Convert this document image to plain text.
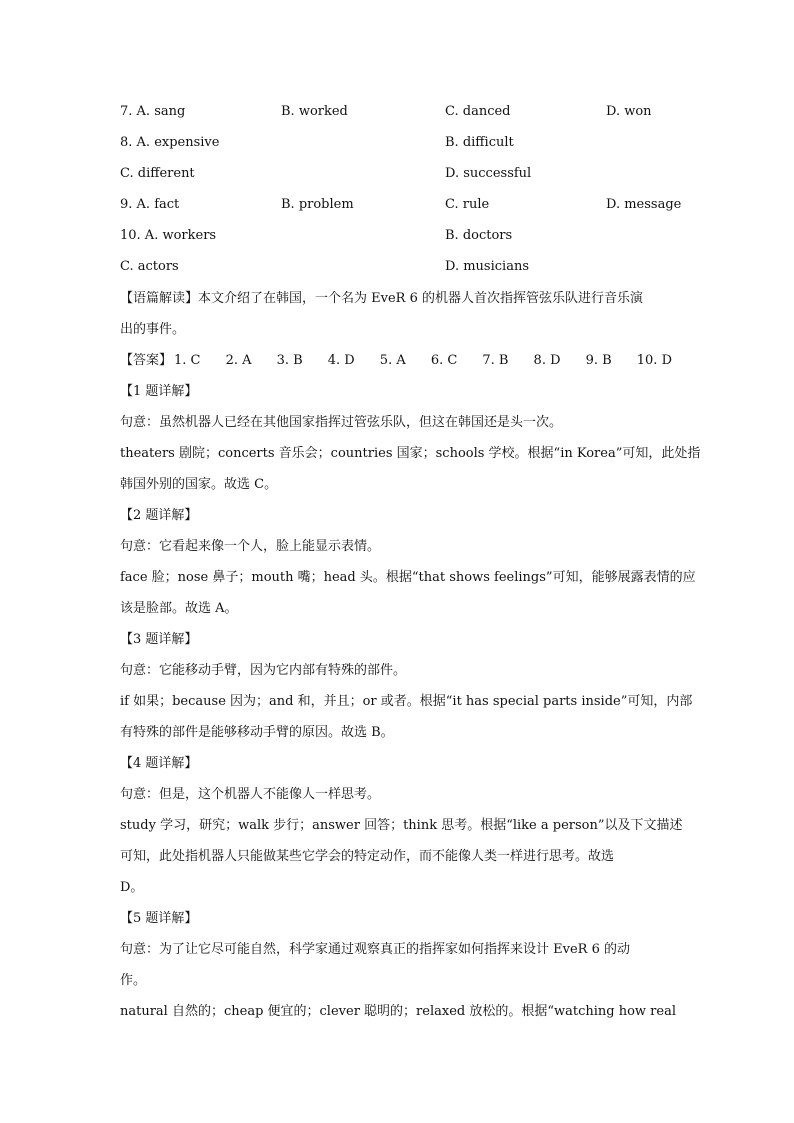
7. A. sang	B. worked	C. danced	D. won
8. A. expensive	B. difficult
C. different	D. successful
9. A. fact	B. problem	C. rule	D. message
10. A. workers	B. doctors
C. actors	D. musicians
【语篇解读】本文介绍了在韩国，一个名为 EveR 6 的机器人首次指挥管弦乐队进行音乐演
出的事件。
【答案】 1. C 2. A 3. B 4. D 5. A 6. C 7. B 8. D 9. B 10. D
【1 题详解】
句意：虽然机器人已经在其他国家指挥过管弦乐队，但这在韩国还是头一次。
theaters 剧院；concerts 音乐会；countries 国家；schools 学校。根据“in Korea”可知，此处指
韩国外别的国家。故选 C。
【2 题详解】
句意：它看起来像一个人，脸上能显示表情。
face 脸；nose 鼻子；mouth 嘴；head 头。根据“that shows feelings”可知，能够展露表情的应
该是脸部。故选 A。
【3 题详解】
句意：它能移动手臂，因为它内部有特殊的部件。
if 如果；because 因为；and 和，并且；or 或者。根据“it has special parts inside”可知，内部
有特殊的部件是能够移动手臂的原因。故选 B。
【4 题详解】
句意：但是，这个机器人不能像人一样思考。
study 学习，研究；walk 步行；answer 回答；think 思考。根据“like a person”以及下文描述
可知，此处指机器人只能做某些它学会的特定动作，而不能像人类一样进行思考。故选
D。
【5 题详解】
句意：为了让它尽可能自然，科学家通过观察真正的指挥家如何指挥来设计 EveR 6 的动
作。
natural 自然的；cheap 便宜的；clever 聪明的；relaxed 放松的。根据“watching how real
